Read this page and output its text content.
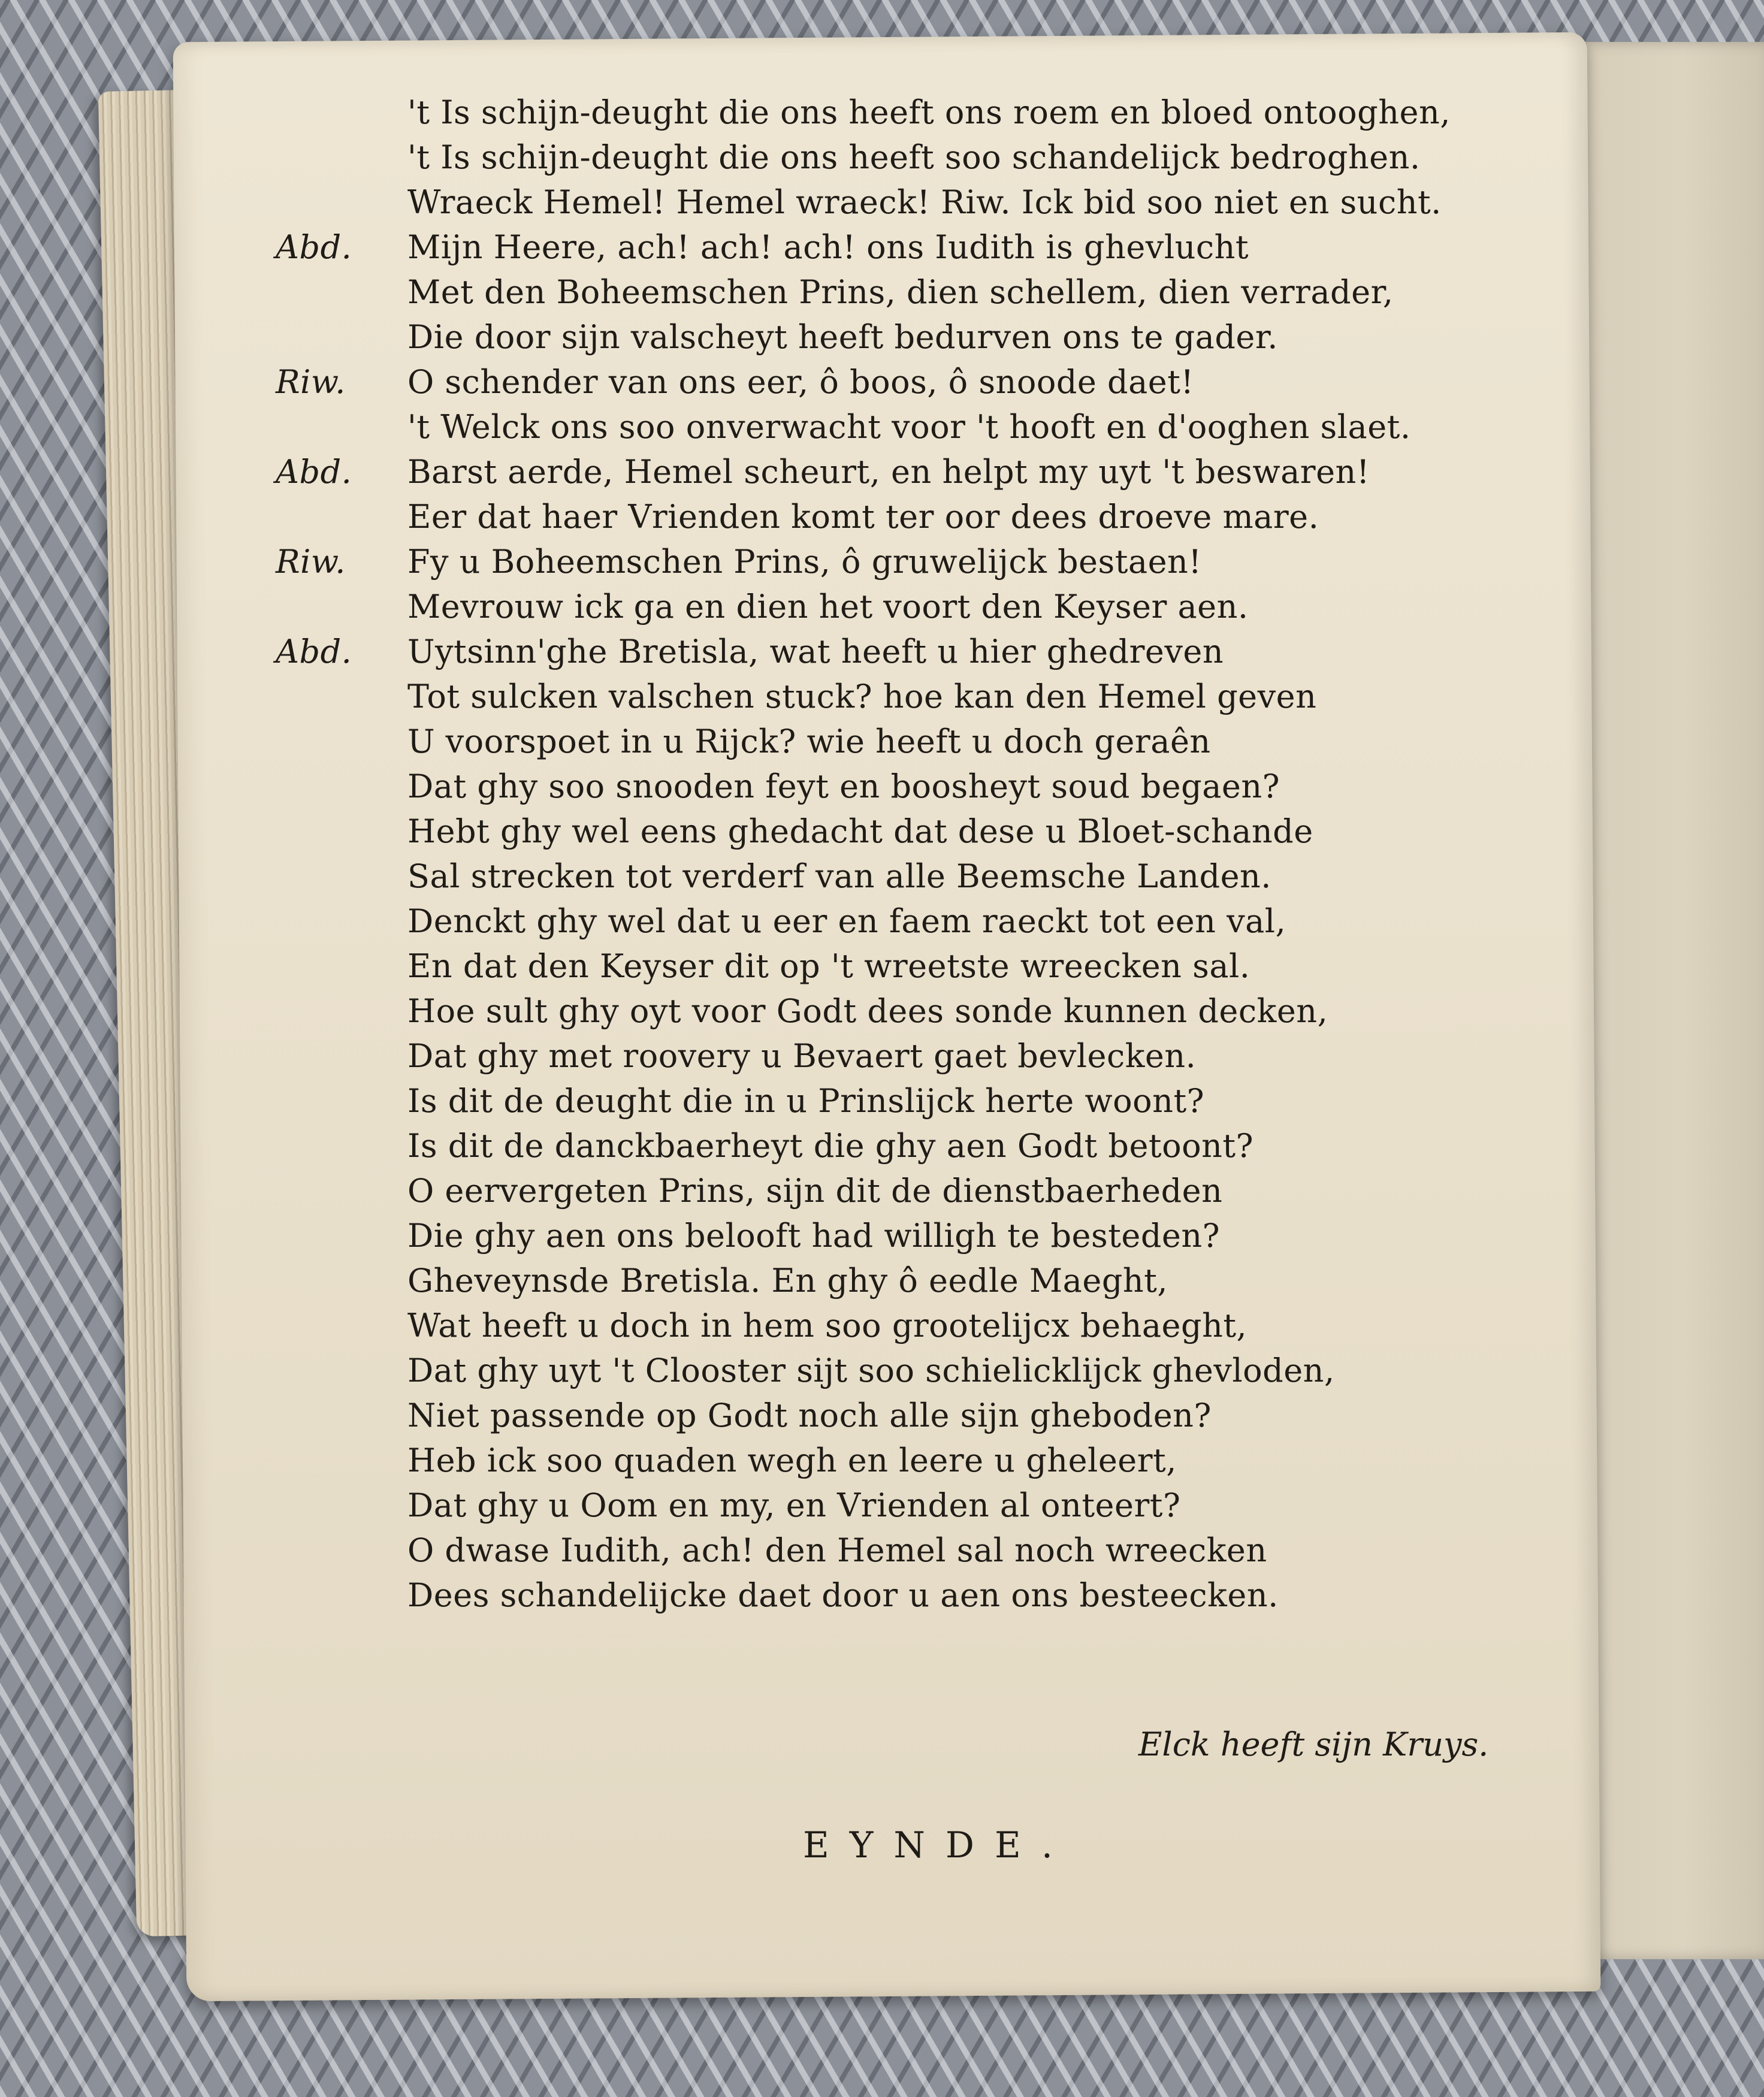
't Is schijn-deught die ons heeft ons roem en bloed ontooghen,
't Is schijn-deught die ons heeft soo schandelijck bedroghen.
Wraeck Hemel! Hemel wraeck! Riw. Ick bid soo niet en sucht.
Abd. Mijn Heere, ach! ach! ach! ons Iudith is ghevlucht
Met den Boheemschen Prins, dien schellem, dien verrader,
Die door sijn valscheyt heeft bedurven ons te gader.
Riw. O schender van ons eer, ô boos, ô snoode daet!
't Welck ons soo onverwacht voor 't hooft en d'ooghen slaet.
Abd. Barst aerde, Hemel scheurt, en helpt my uyt 't beswaren!
Eer dat haer Vrienden komt ter oor dees droeve mare.
Riw. Fy u Boheemschen Prins, ô gruwelijck bestaen!
Mevrouw ick ga en dien het voort den Keyser aen.
Abd. Uytsinn'ghe Bretisla, wat heeft u hier ghedreven
Tot sulcken valschen stuck? hoe kan den Hemel geven
U voorspoet in u Rijck? wie heeft u doch geraên
Dat ghy soo snooden feyt en boosheyt soud begaen?
Hebt ghy wel eens ghedacht dat dese u Bloet-schande
Sal strecken tot verderf van alle Beemsche Landen.
Denckt ghy wel dat u eer en faem raeckt tot een val,
En dat den Keyser dit op 't wreetste wreecken sal.
Hoe sult ghy oyt voor Godt dees sonde kunnen decken,
Dat ghy met roovery u Bevaert gaet bevlecken.
Is dit de deught die in u Prinslijck herte woont?
Is dit de danckbaerheyt die ghy aen Godt betoont?
O eervergeten Prins, sijn dit de dienstbaerheden
Die ghy aen ons belooft had willigh te besteden?
Gheveynsde Bretisla. En ghy ô eedle Maeght,
Wat heeft u doch in hem soo grootelijcx behaeght,
Dat ghy uyt 't Clooster sijt soo schielicklijck ghevloden,
Niet passende op Godt noch alle sijn gheboden?
Heb ick soo quaden wegh en leere u gheleert,
Dat ghy u Oom en my, en Vrienden al onteert?
O dwase Iudith, ach! den Hemel sal noch wreecken
Dees schandelijcke daet door u aen ons besteecken.
Elck heeft sijn Kruys.
EYNDE.
